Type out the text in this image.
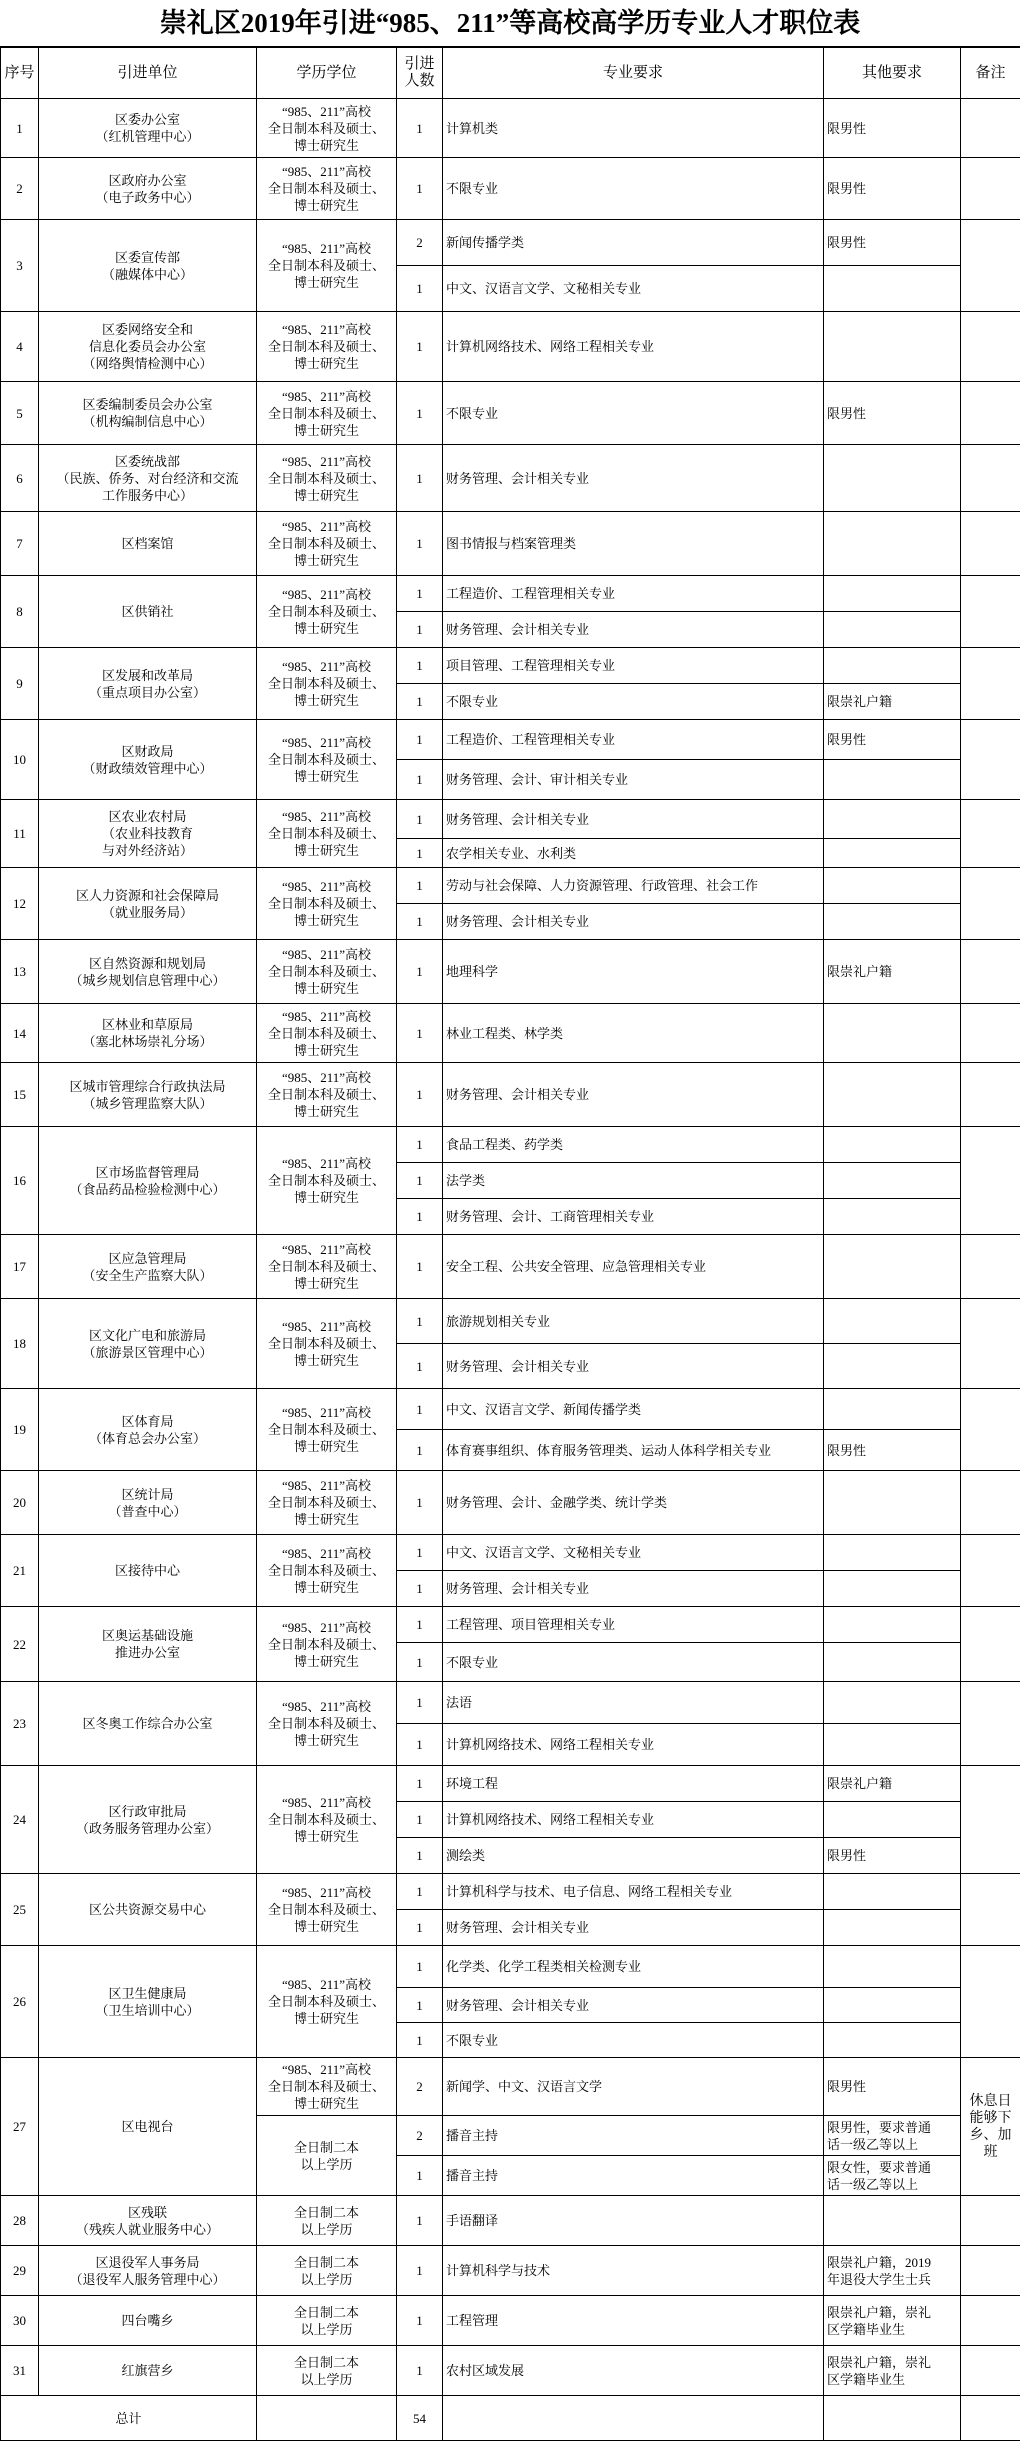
崇礼区2019年引进“985、211”等高校高学历专业人才职位表
序号	引进单位	学历学位	引进
人数	专业要求	其他要求	备注
1	区委办公室
（红机管理中心）	“985、211”高校
全日制本科及硕士、
博士研究生	1	计算机类	限男性	
2	区政府办公室
（电子政务中心）	“985、211”高校
全日制本科及硕士、
博士研究生	1	不限专业	限男性	
3	区委宣传部
（融媒体中心）	“985、211”高校
全日制本科及硕士、
博士研究生	2	新闻传播学类	限男性	
			1	中文、汉语言文学、文秘相关专业		
4	区委网络安全和
信息化委员会办公室
（网络舆情检测中心）	“985、211”高校
全日制本科及硕士、
博士研究生	1	计算机网络技术、网络工程相关专业		
5	区委编制委员会办公室
（机构编制信息中心）	“985、211”高校
全日制本科及硕士、
博士研究生	1	不限专业	限男性	
6	区委统战部
（民族、侨务、对台经济和交流
工作服务中心）	“985、211”高校
全日制本科及硕士、
博士研究生	1	财务管理、会计相关专业		
7	区档案馆	“985、211”高校
全日制本科及硕士、
博士研究生	1	图书情报与档案管理类		
8	区供销社	“985、211”高校
全日制本科及硕士、
博士研究生	1	工程造价、工程管理相关专业		
			1	财务管理、会计相关专业		
9	区发展和改革局
（重点项目办公室）	“985、211”高校
全日制本科及硕士、
博士研究生	1	项目管理、工程管理相关专业		
			1	不限专业	限崇礼户籍	
10	区财政局
（财政绩效管理中心）	“985、211”高校
全日制本科及硕士、
博士研究生	1	工程造价、工程管理相关专业	限男性	
			1	财务管理、会计、审计相关专业		
11	区农业农村局
（农业科技教育
与对外经济站）	“985、211”高校
全日制本科及硕士、
博士研究生	1	财务管理、会计相关专业		
			1	农学相关专业、水利类		
12	区人力资源和社会保障局
（就业服务局）	“985、211”高校
全日制本科及硕士、
博士研究生	1	劳动与社会保障、人力资源管理、行政管理、社会工作		
			1	财务管理、会计相关专业		
13	区自然资源和规划局
（城乡规划信息管理中心）	“985、211”高校
全日制本科及硕士、
博士研究生	1	地理科学	限崇礼户籍	
14	区林业和草原局
（塞北林场崇礼分场）	“985、211”高校
全日制本科及硕士、
博士研究生	1	林业工程类、林学类		
15	区城市管理综合行政执法局
（城乡管理监察大队）	“985、211”高校
全日制本科及硕士、
博士研究生	1	财务管理、会计相关专业		
16	区市场监督管理局
（食品药品检验检测中心）	“985、211”高校
全日制本科及硕士、
博士研究生	1	食品工程类、药学类		
			1	法学类		
			1	财务管理、会计、工商管理相关专业		
17	区应急管理局
（安全生产监察大队）	“985、211”高校
全日制本科及硕士、
博士研究生	1	安全工程、公共安全管理、应急管理相关专业		
18	区文化广电和旅游局
（旅游景区管理中心）	“985、211”高校
全日制本科及硕士、
博士研究生	1	旅游规划相关专业		
			1	财务管理、会计相关专业		
19	区体育局
（体育总会办公室）	“985、211”高校
全日制本科及硕士、
博士研究生	1	中文、汉语言文学、新闻传播学类		
			1	体育赛事组织、体育服务管理类、运动人体科学相关专业	限男性	
20	区统计局
（普查中心）	“985、211”高校
全日制本科及硕士、
博士研究生	1	财务管理、会计、金融学类、统计学类		
21	区接待中心	“985、211”高校
全日制本科及硕士、
博士研究生	1	中文、汉语言文学、文秘相关专业		
			1	财务管理、会计相关专业		
22	区奥运基础设施
推进办公室	“985、211”高校
全日制本科及硕士、
博士研究生	1	工程管理、项目管理相关专业		
			1	不限专业		
23	区冬奥工作综合办公室	“985、211”高校
全日制本科及硕士、
博士研究生	1	法语		
			1	计算机网络技术、网络工程相关专业		
24	区行政审批局
（政务服务管理办公室）	“985、211”高校
全日制本科及硕士、
博士研究生	1	环境工程	限崇礼户籍	
			1	计算机网络技术、网络工程相关专业		
			1	测绘类	限男性	
25	区公共资源交易中心	“985、211”高校
全日制本科及硕士、
博士研究生	1	计算机科学与技术、电子信息、网络工程相关专业		
			1	财务管理、会计相关专业		
26	区卫生健康局
（卫生培训中心）	“985、211”高校
全日制本科及硕士、
博士研究生	1	化学类、化学工程类相关检测专业		
			1	财务管理、会计相关专业		
			1	不限专业		
27	区电视台	“985、211”高校
全日制本科及硕士、
博士研究生	2	新闻学、中文、汉语言文学	限男性	休息日
能够下
乡、加
班
		全日制二本
以上学历	2	播音主持	限男性，要求普通
话一级乙等以上	
			1	播音主持	限女性，要求普通
话一级乙等以上	
28	区残联
（残疾人就业服务中心）	全日制二本
以上学历	1	手语翻译		
29	区退役军人事务局
（退役军人服务管理中心）	全日制二本
以上学历	1	计算机科学与技术	限崇礼户籍，2019
年退役大学生士兵	
30	四台嘴乡	全日制二本
以上学历	1	工程管理	限崇礼户籍，崇礼
区学籍毕业生	
31	红旗营乡	全日制二本
以上学历	1	农村区域发展	限崇礼户籍，崇礼
区学籍毕业生	
总计			54			
